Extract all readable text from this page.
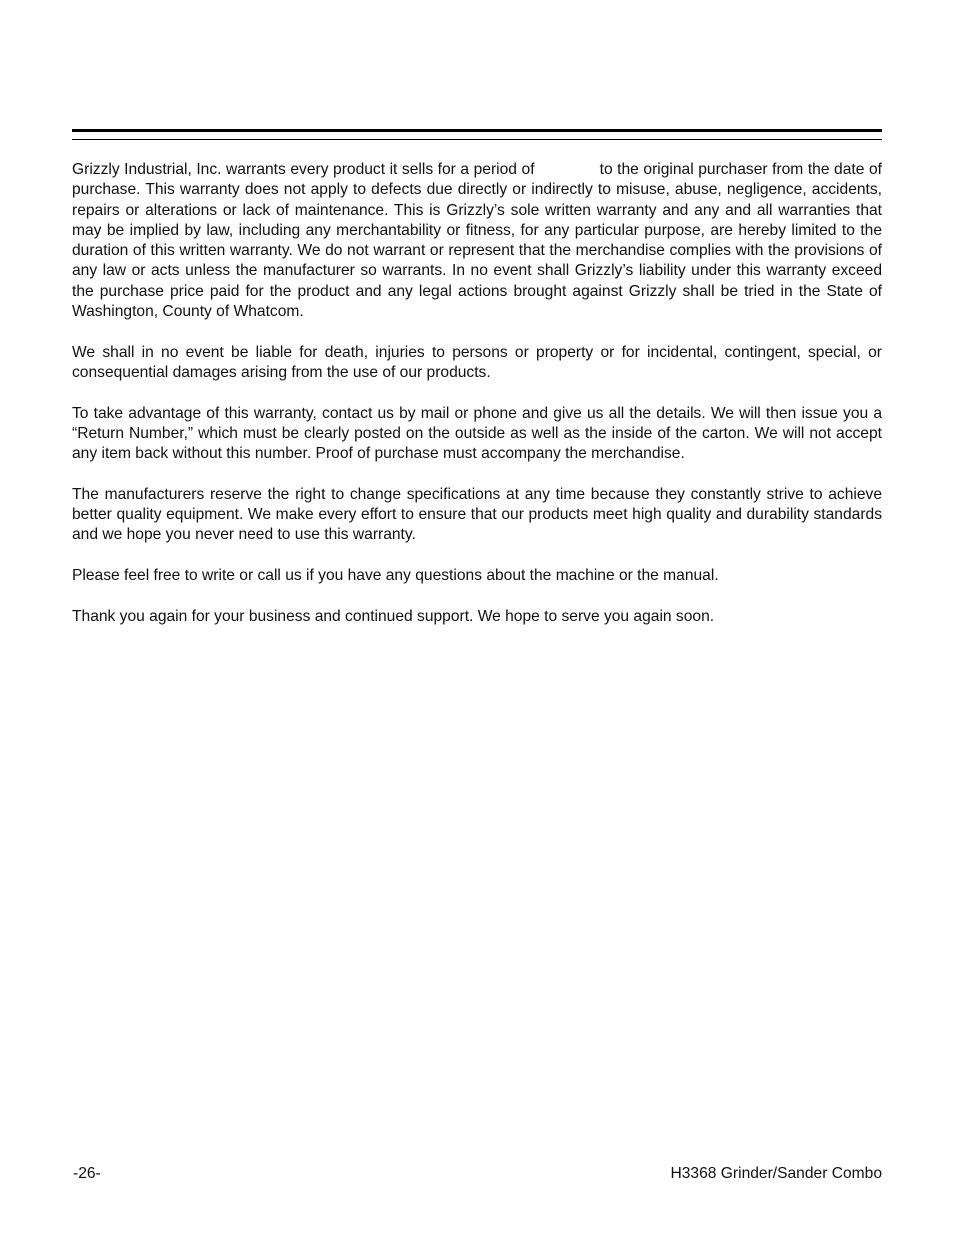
Grizzly Industrial, Inc. warrants every product it sells for a period of	to the original purchaser from the date of purchase. This warranty does not apply to defects due directly or indirectly to misuse, abuse, negligence, accidents, repairs or alterations or lack of maintenance. This is Grizzly’s sole written warranty and any and all warranties that may be implied by law, including any merchantability or fitness, for any particular purpose, are hereby limited to the duration of this written warranty. We do not warrant or represent that the merchandise complies with the provisions of any law or acts unless the manufacturer so warrants. In no event shall Grizzly’s liability under this warranty exceed the purchase price paid for the product and any legal actions brought against Grizzly shall be tried in the State of Washington, County of Whatcom.

We shall in no event be liable for death, injuries to persons or property or for incidental, contingent, special, or consequential damages arising from the use of our products.

To take advantage of this warranty, contact us by mail or phone and give us all the details. We will then issue you a “Return Number,” which must be clearly posted on the outside as well as the inside of the carton. We will not accept any item back without this number. Proof of purchase must accompany the merchandise.

The manufacturers reserve the right to change specifications at any time because they constantly strive to achieve better quality equipment. We make every effort to ensure that our products meet high quality and durability standards and we hope you never need to use this warranty.

Please feel free to write or call us if you have any questions about the machine or the manual.

Thank you again for your business and continued support. We hope to serve you again soon.

-26-	H3368 Grinder/Sander Combo
